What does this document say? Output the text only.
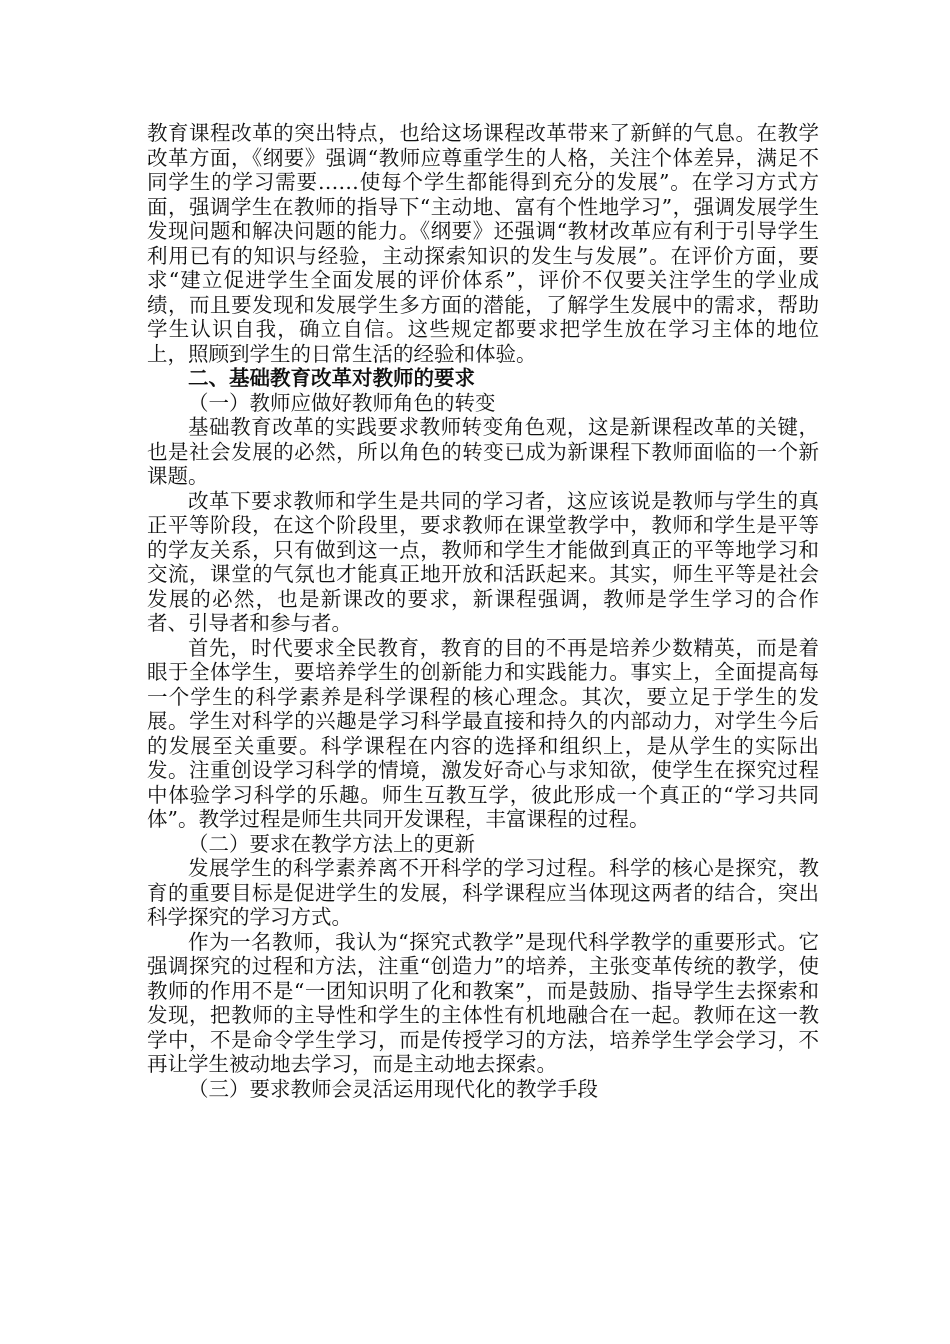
教育课程改革的突出特点，也给这场课程改革带来了新鲜的气息。在教学改革方面，《纲要》强调“教师应尊重学生的人格，关注个体差异，满足不同学生的学习需要……使每个学生都能得到充分的发展”。在学习方式方面，强调学生在教师的指导下“主动地、富有个性地学习”，强调发展学生发现问题和解决问题的能力。《纲要》还强调“教材改革应有利于引导学生利用已有的知识与经验，主动探索知识的发生与发展”。在评价方面，要求“建立促进学生全面发展的评价体系”，评价不仅要关注学生的学业成绩，而且要发现和发展学生多方面的潜能，了解学生发展中的需求，帮助学生认识自我，确立自信。这些规定都要求把学生放在学习主体的地位上，照顾到学生的日常生活的经验和体验。

二、基础教育改革对教师的要求

（一）教师应做好教师角色的转变

基础教育改革的实践要求教师转变角色观，这是新课程改革的关键，也是社会发展的必然，所以角色的转变已成为新课程下教师面临的一个新课题。

改革下要求教师和学生是共同的学习者，这应该说是教师与学生的真正平等阶段，在这个阶段里，要求教师在课堂教学中，教师和学生是平等的学友关系，只有做到这一点，教师和学生才能做到真正的平等地学习和交流，课堂的气氛也才能真正地开放和活跃起来。其实，师生平等是社会发展的必然，也是新课改的要求，新课程强调，教师是学生学习的合作者、引导者和参与者。

首先，时代要求全民教育，教育的目的不再是培养少数精英，而是着眼于全体学生，要培养学生的创新能力和实践能力。事实上，全面提高每一个学生的科学素养是科学课程的核心理念。其次，要立足于学生的发展。学生对科学的兴趣是学习科学最直接和持久的内部动力，对学生今后的发展至关重要。科学课程在内容的选择和组织上，是从学生的实际出发。注重创设学习科学的情境，激发好奇心与求知欲，使学生在探究过程中体验学习科学的乐趣。师生互教互学，彼此形成一个真正的“学习共同体”。教学过程是师生共同开发课程，丰富课程的过程。

（二）要求在教学方法上的更新

发展学生的科学素养离不开科学的学习过程。科学的核心是探究，教育的重要目标是促进学生的发展，科学课程应当体现这两者的结合，突出科学探究的学习方式。

作为一名教师，我认为“探究式教学”是现代科学教学的重要形式。它强调探究的过程和方法，注重“创造力”的培养，主张变革传统的教学，使教师的作用不是“一团知识明了化和教案”，而是鼓励、指导学生去探索和发现，把教师的主导性和学生的主体性有机地融合在一起。教师在这一教学中，不是命令学生学习，而是传授学习的方法，培养学生学会学习，不再让学生被动地去学习，而是主动地去探索。

（三）要求教师会灵活运用现代化的教学手段
